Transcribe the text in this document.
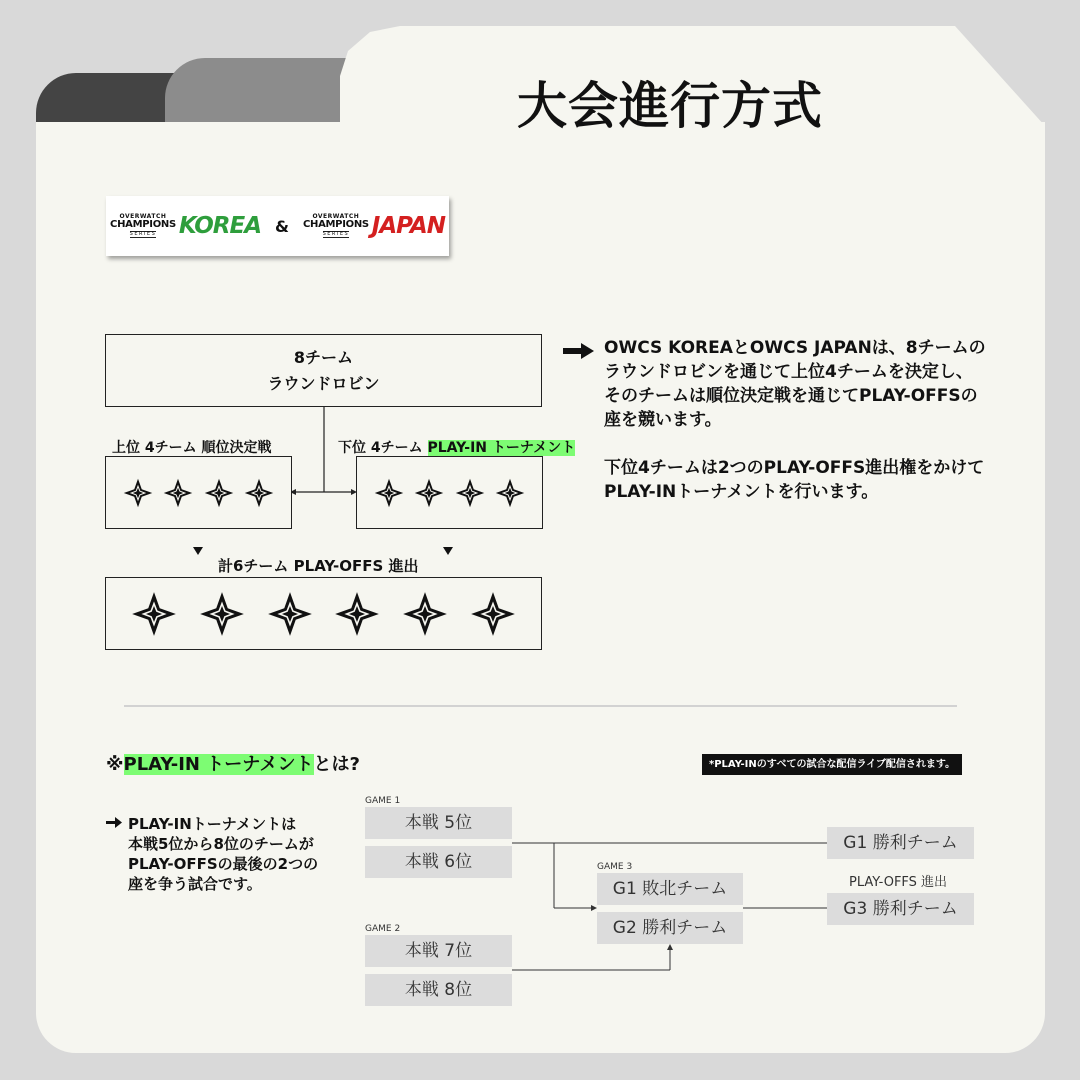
大会進行方式
OVERWATCH
CHAMPIONS
SERIES KOREA &	OVERWATCH
CHAMPIONS
SERIES JAPAN
8チーム
ラウンドロビン
上位 4チーム 順位決定戦	下位 4チーム PLAY-IN トーナメント
計6チーム PLAY-OFFS 進出

OWCS KOREAとOWCS JAPANは、8チームの
ラウンドロビンを通じて上位4チームを決定し、
そのチームは順位決定戦を通じてPLAY-OFFSの
座を競います。

下位4チームは2つのPLAY-OFFS進出権をかけて
PLAY-INトーナメントを行います。

※PLAY-IN トーナメントとは?	*PLAY-INのすべての試合な配信ライブ配信されます。
PLAY-INトーナメントは
本戦5位から8位のチームが
PLAY-OFFSの最後の2つの
座を争う試合です。
GAME 1
本戦 5位
本戦 6位
GAME 2
本戦 7位
本戦 8位
GAME 3
G1 敗北チーム
G2 勝利チーム
G1 勝利チーム
PLAY-OFFS 進出
G3 勝利チーム
